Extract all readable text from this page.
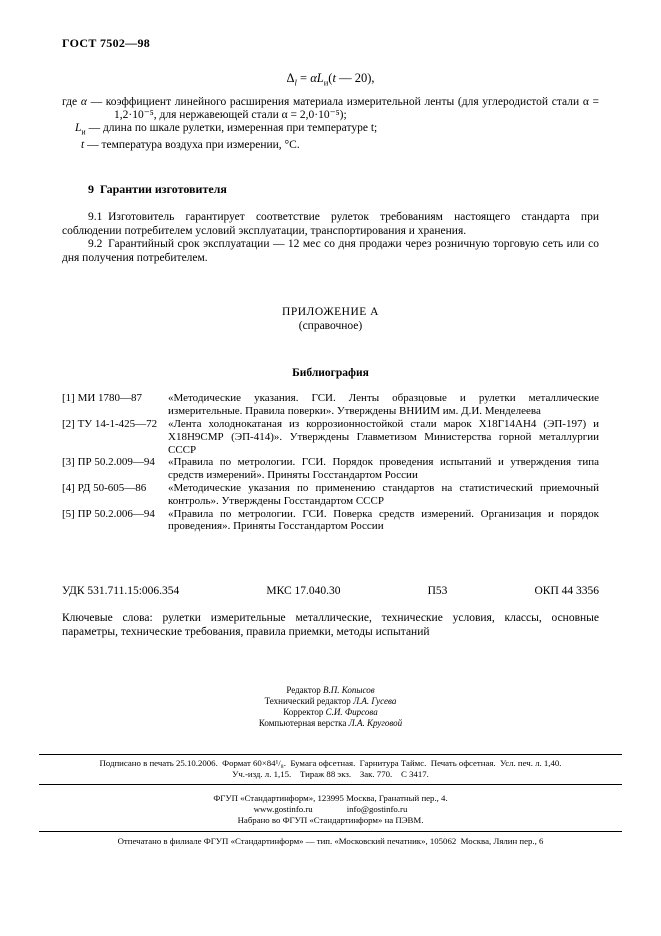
ГОСТ 7502—98
$\Delta_l = \alpha L_и(t$ — 20),
где α — коэффициент линейного расширения материала измерительной ленты (для углеродистой стали α = 1,2·10⁻⁵, для нержавеющей стали α = 2,0·10⁻⁵);
$L_и$ — длина по шкале рулетки, измеренная при температуре t;
t — температура воздуха при измерении, °С.
9 Гарантии изготовителя

9.1 Изготовитель гарантирует соответствие рулеток требованиям настоящего стандарта при соблюдении потребителем условий эксплуатации, транспортирования и хранения.

9.2 Гарантийный срок эксплуатации — 12 мес со дня продажи через розничную торговую сеть или со дня получения потребителем.

ПРИЛОЖЕНИЕ А
(справочное)
Библиография
[1] МИ 1780—87	«Методические указания. ГСИ. Ленты образцовые и рулетки металлические измерительные. Правила поверки». Утверждены ВНИИМ им. Д.И. Менделеева
[2] ТУ 14-1-425—72 «Лента холоднокатаная из коррозионностойкой стали марок Х18Г14АН4 (ЭП-197) и Х18Н9СМР (ЭП-414)». Утверждены Главметизом Министерства горной металлургии СССР
[3] ПР 50.2.009—94	«Правила по метрологии. ГСИ. Порядок проведения испытаний и утверждения типа средств измерений». Приняты Госстандартом России
[4] РД 50-605—86	«Методические указания по применению стандартов на статистический приемочный контроль». Утверждены Госстандартом СССР
[5] ПР 50.2.006—94	«Правила по метрологии. ГСИ. Поверка средств измерений. Организация и порядок проведения». Приняты Госстандартом России
УДК 531.711.15:006.354	МКС 17.040.30	П53	ОКП 44 3356

Ключевые слова: рулетки измерительные металлические, технические условия, классы, основные параметры, технические требования, правила приемки, методы испытаний

Редактор В.П. Копысов
Технический редактор Л.А. Гусева
Корректор С.И. Фирсова
Компьютерная верстка Л.А. Круговой
Подписано в печать 25.10.2006. Формат 60×84¹/₈. Бумага офсетная. Гарнитура Таймс. Печать офсетная. Усл. печ. л. 1,40.
Уч.-изд. л. 1,15. Тираж 88 экз. Зак. 770. С 3417.
ФГУП «Стандартинформ», 123995 Москва, Гранатный пер., 4.
www.gostinfo.ru	info@gostinfo.ru
Набрано во ФГУП «Стандартинформ» на ПЭВМ.
Отпечатано в филиале ФГУП «Стандартинформ» — тип. «Московский печатник», 105062 Москва, Лялин пер., 6
